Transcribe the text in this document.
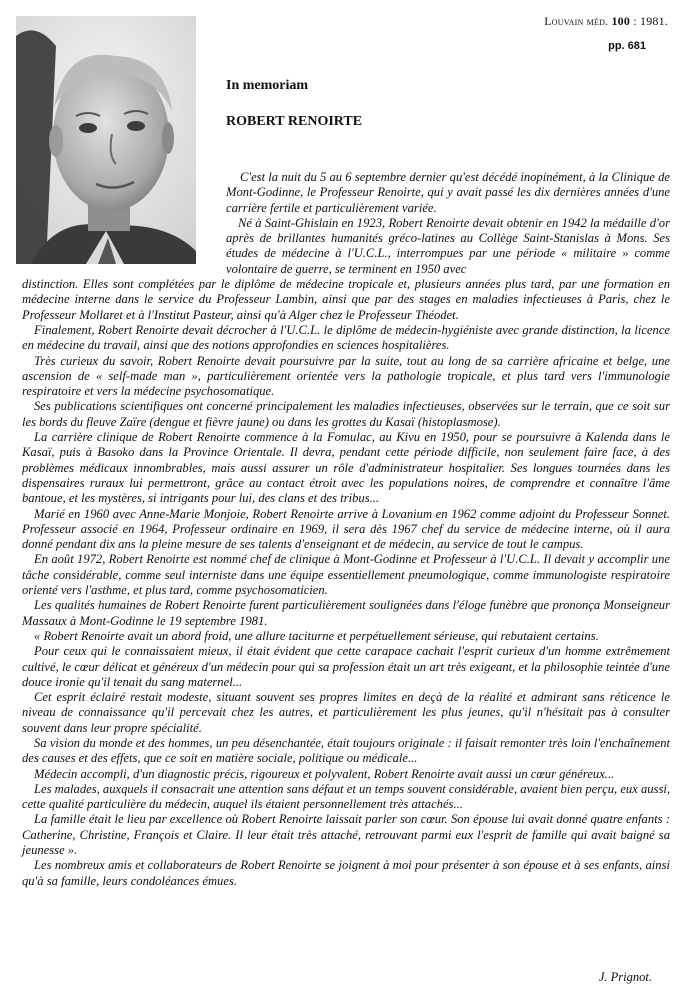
Louvain méd. 100 : 1981.
pp. 681
In memoriam
ROBERT RENOIRTE

C'est la nuit du 5 au 6 septembre dernier qu'est décédé inopinément, à la Clinique de Mont-Godinne, le Professeur Renoirte, qui y avait passé les dix dernières années d'une carrière fertile et particulièrement variée.

Né à Saint-Ghislain en 1923, Robert Renoirte devait obtenir en 1942 la médaille d'or après de brillantes humanités gréco-latines au Collège Saint-Stanislas à Mons. Ses études de médecine à l'U.C.L., interrompues par une période « militaire » comme volontaire de guerre, se terminent en 1950 avec

distinction. Elles sont complétées par le diplôme de médecine tropicale et, plusieurs années plus tard, par une formation en médecine interne dans le service du Professeur Lambin, ainsi que par des stages en maladies infectieuses à Paris, chez le Professeur Mollaret et à l'Institut Pasteur, ainsi qu'à Alger chez le Professeur Théodet.

Finalement, Robert Renoirte devait décrocher à l'U.C.L. le diplôme de médecin-hygiéniste avec grande distinction, la licence en médecine du travail, ainsi que des notions approfondies en sciences hospitalières.

Très curieux du savoir, Robert Renoirte devait poursuivre par la suite, tout au long de sa carrière africaine et belge, une ascension de « self-made man », particulièrement orientée vers la pathologie tropicale, et plus tard vers l'immunologie respiratoire et vers la médecine psychosomatique.

Ses publications scientifiques ont concerné principalement les maladies infectieuses, observées sur le terrain, que ce soit sur les bords du fleuve Zaïre (dengue et fièvre jaune) ou dans les grottes du Kasaï (histoplasmose).

La carrière clinique de Robert Renoirte commence à la Fomulac, au Kivu en 1950, pour se poursuivre à Kalenda dans le Kasaï, puis à Basoko dans la Province Orientale. Il devra, pendant cette période difficile, non seulement faire face, à des problèmes médicaux innombrables, mais aussi assurer un rôle d'administrateur hospitalier. Ses longues tournées dans les dispensaires ruraux lui permettront, grâce au contact étroit avec les populations noires, de comprendre et connaître l'âme bantoue, et les mystères, si intrigants pour lui, des clans et des tribus...

Marié en 1960 avec Anne-Marie Monjoie, Robert Renoirte arrive à Lovanium en 1962 comme adjoint du Professeur Sonnet. Professeur associé en 1964, Professeur ordinaire en 1969, il sera dès 1967 chef du service de médecine interne, où il aura donné pendant dix ans la pleine mesure de ses talents d'enseignant et de médecin, au service de tout le campus.

En août 1972, Robert Renoirte est nommé chef de clinique à Mont-Godinne et Professeur à l'U.C.L. Il devait y accomplir une tâche considérable, comme seul interniste dans une équipe essentiellement pneumologique, comme immunologiste respiratoire orienté vers l'asthme, et plus tard, comme psychosomaticien.

Les qualités humaines de Robert Renoirte furent particulièrement soulignées dans l'éloge funèbre que prononça Monseigneur Massaux à Mont-Godinne le 19 septembre 1981.

« Robert Renoirte avait un abord froid, une allure taciturne et perpétuellement sérieuse, qui rebutaient certains.

Pour ceux qui le connaissaient mieux, il était évident que cette carapace cachait l'esprit curieux d'un homme extrêmement cultivé, le cœur délicat et généreux d'un médecin pour qui sa profession était un art très exigeant, et la philosophie teintée d'une douce ironie qu'il tenait du sang maternel...

Cet esprit éclairé restait modeste, situant souvent ses propres limites en deçà de la réalité et admirant sans réticence le niveau de connaissance qu'il percevait chez les autres, et particulièrement les plus jeunes, qu'il n'hésitait pas à consulter souvent dans leur propre spécialité.

Sa vision du monde et des hommes, un peu désenchantée, était toujours originale : il faisait remonter très loin l'enchaînement des causes et des effets, que ce soit en matière sociale, politique ou médicale...

Médecin accompli, d'un diagnostic précis, rigoureux et polyvalent, Robert Renoirte avait aussi un cœur généreux...

Les malades, auxquels il consacrait une attention sans défaut et un temps souvent considérable, avaient bien perçu, eux aussi, cette qualité particulière du médecin, auquel ils étaient personnellement très attachés...

La famille était le lieu par excellence où Robert Renoirte laissait parler son cœur. Son épouse lui avait donné quatre enfants : Catherine, Christine, François et Claire. Il leur était très attaché, retrouvant parmi eux l'esprit de famille qui avait baigné sa jeunesse ».

Les nombreux amis et collaborateurs de Robert Renoirte se joignent à moi pour présenter à son épouse et à ses enfants, ainsi qu'à sa famille, leurs condoléances émues.

J. Prignot.
